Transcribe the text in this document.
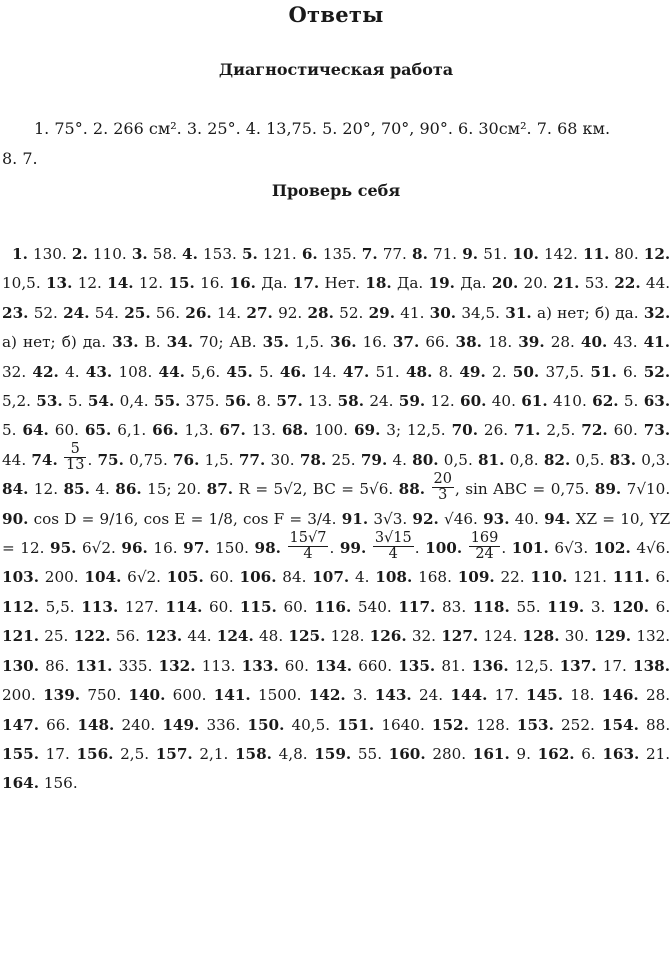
Ответы
Диагностическая работа
1. 75°. 2. 266 см². 3. 25°. 4. 13,75. 5. 20°, 70°, 90°. 6. 30см². 7. 68 км.
8. 7.
Проверь себя
1. 130. 2. 110. 3. 58. 4. 153. 5. 121. 6. 135. 7. 77. 8. 71. 9. 51. 10. 142. 11. 80. 12. 10,5. 13. 12. 14. 12. 15. 16. 16. Да. 17. Нет. 18. Да. 19. Да. 20. 20. 21. 53. 22. 44. 23. 52. 24. 54. 25. 56. 26. 14. 27. 92. 28. 52. 29. 41. 30. 34,5. 31. а) нет; б) да. 32. а) нет; б) да. 33. B. 34. 70; AB. 35. 1,5. 36. 16. 37. 66. 38. 18. 39. 28. 40. 43. 41. 32. 42. 4. 43. 108. 44. 5,6. 45. 5. 46. 14. 47. 51. 48. 8. 49. 2. 50. 37,5. 51. 6. 52. 5,2. 53. 5. 54. 0,4. 55. 375. 56. 8. 57. 13. 58. 24. 59. 12. 60. 40. 61. 410. 62. 5. 63. 5. 64. 60. 65. 6,1. 66. 1,3. 67. 13. 68. 100. 69. 3; 12,5. 70. 26. 71. 2,5. 72. 60. 73. 44. 74. $\frac{5}{13}$ . 75. 0,75. 76. 1,5. 77. 30. 78. 25. 79. 4. 80. 0,5. 81. 0,8. 82. 0,5. 83. 0,3. 84. 12. 85. 4. 86. 15; 20. 87. R = 5√2, BC = 5√6. 88. $\frac{20}{3}$ , sin ABC = 0,75. 89. 7√10. 90. cos D = 9/16, cos E = 1/8, cos F = 3/4. 91. 3√3. 92. √46. 93. 40. 94. XZ = 10, YZ = 12. 95. 6√2. 96. 16. 97. 150. 98. $\frac{15√7}{4}$ . 99. $\frac{3√15}{4}$ . 100. $\frac{169}{24}$ . 101. 6√3. 102. 4√6. 103. 200. 104. 6√2. 105. 60. 106. 84. 107. 4. 108. 168. 109. 22. 110. 121. 111. 6. 112. 5,5. 113. 127. 114. 60. 115. 60. 116. 540. 117. 83. 118. 55. 119. 3. 120. 6. 121. 25. 122. 56. 123. 44. 124. 48. 125. 128. 126. 32. 127. 124. 128. 30. 129. 132. 130. 86. 131. 335. 132. 113. 133. 60. 134. 660. 135. 81. 136. 12,5. 137. 17. 138. 200. 139. 750. 140. 600. 141. 1500. 142. 3. 143. 24. 144. 17. 145. 18. 146. 28. 147. 66. 148. 240. 149. 336. 150. 40,5. 151. 1640. 152. 128. 153. 252. 154. 88. 155. 17. 156. 2,5. 157. 2,1. 158. 4,8. 159. 55. 160. 280. 161. 9. 162. 6. 163. 21. 164. 156.
